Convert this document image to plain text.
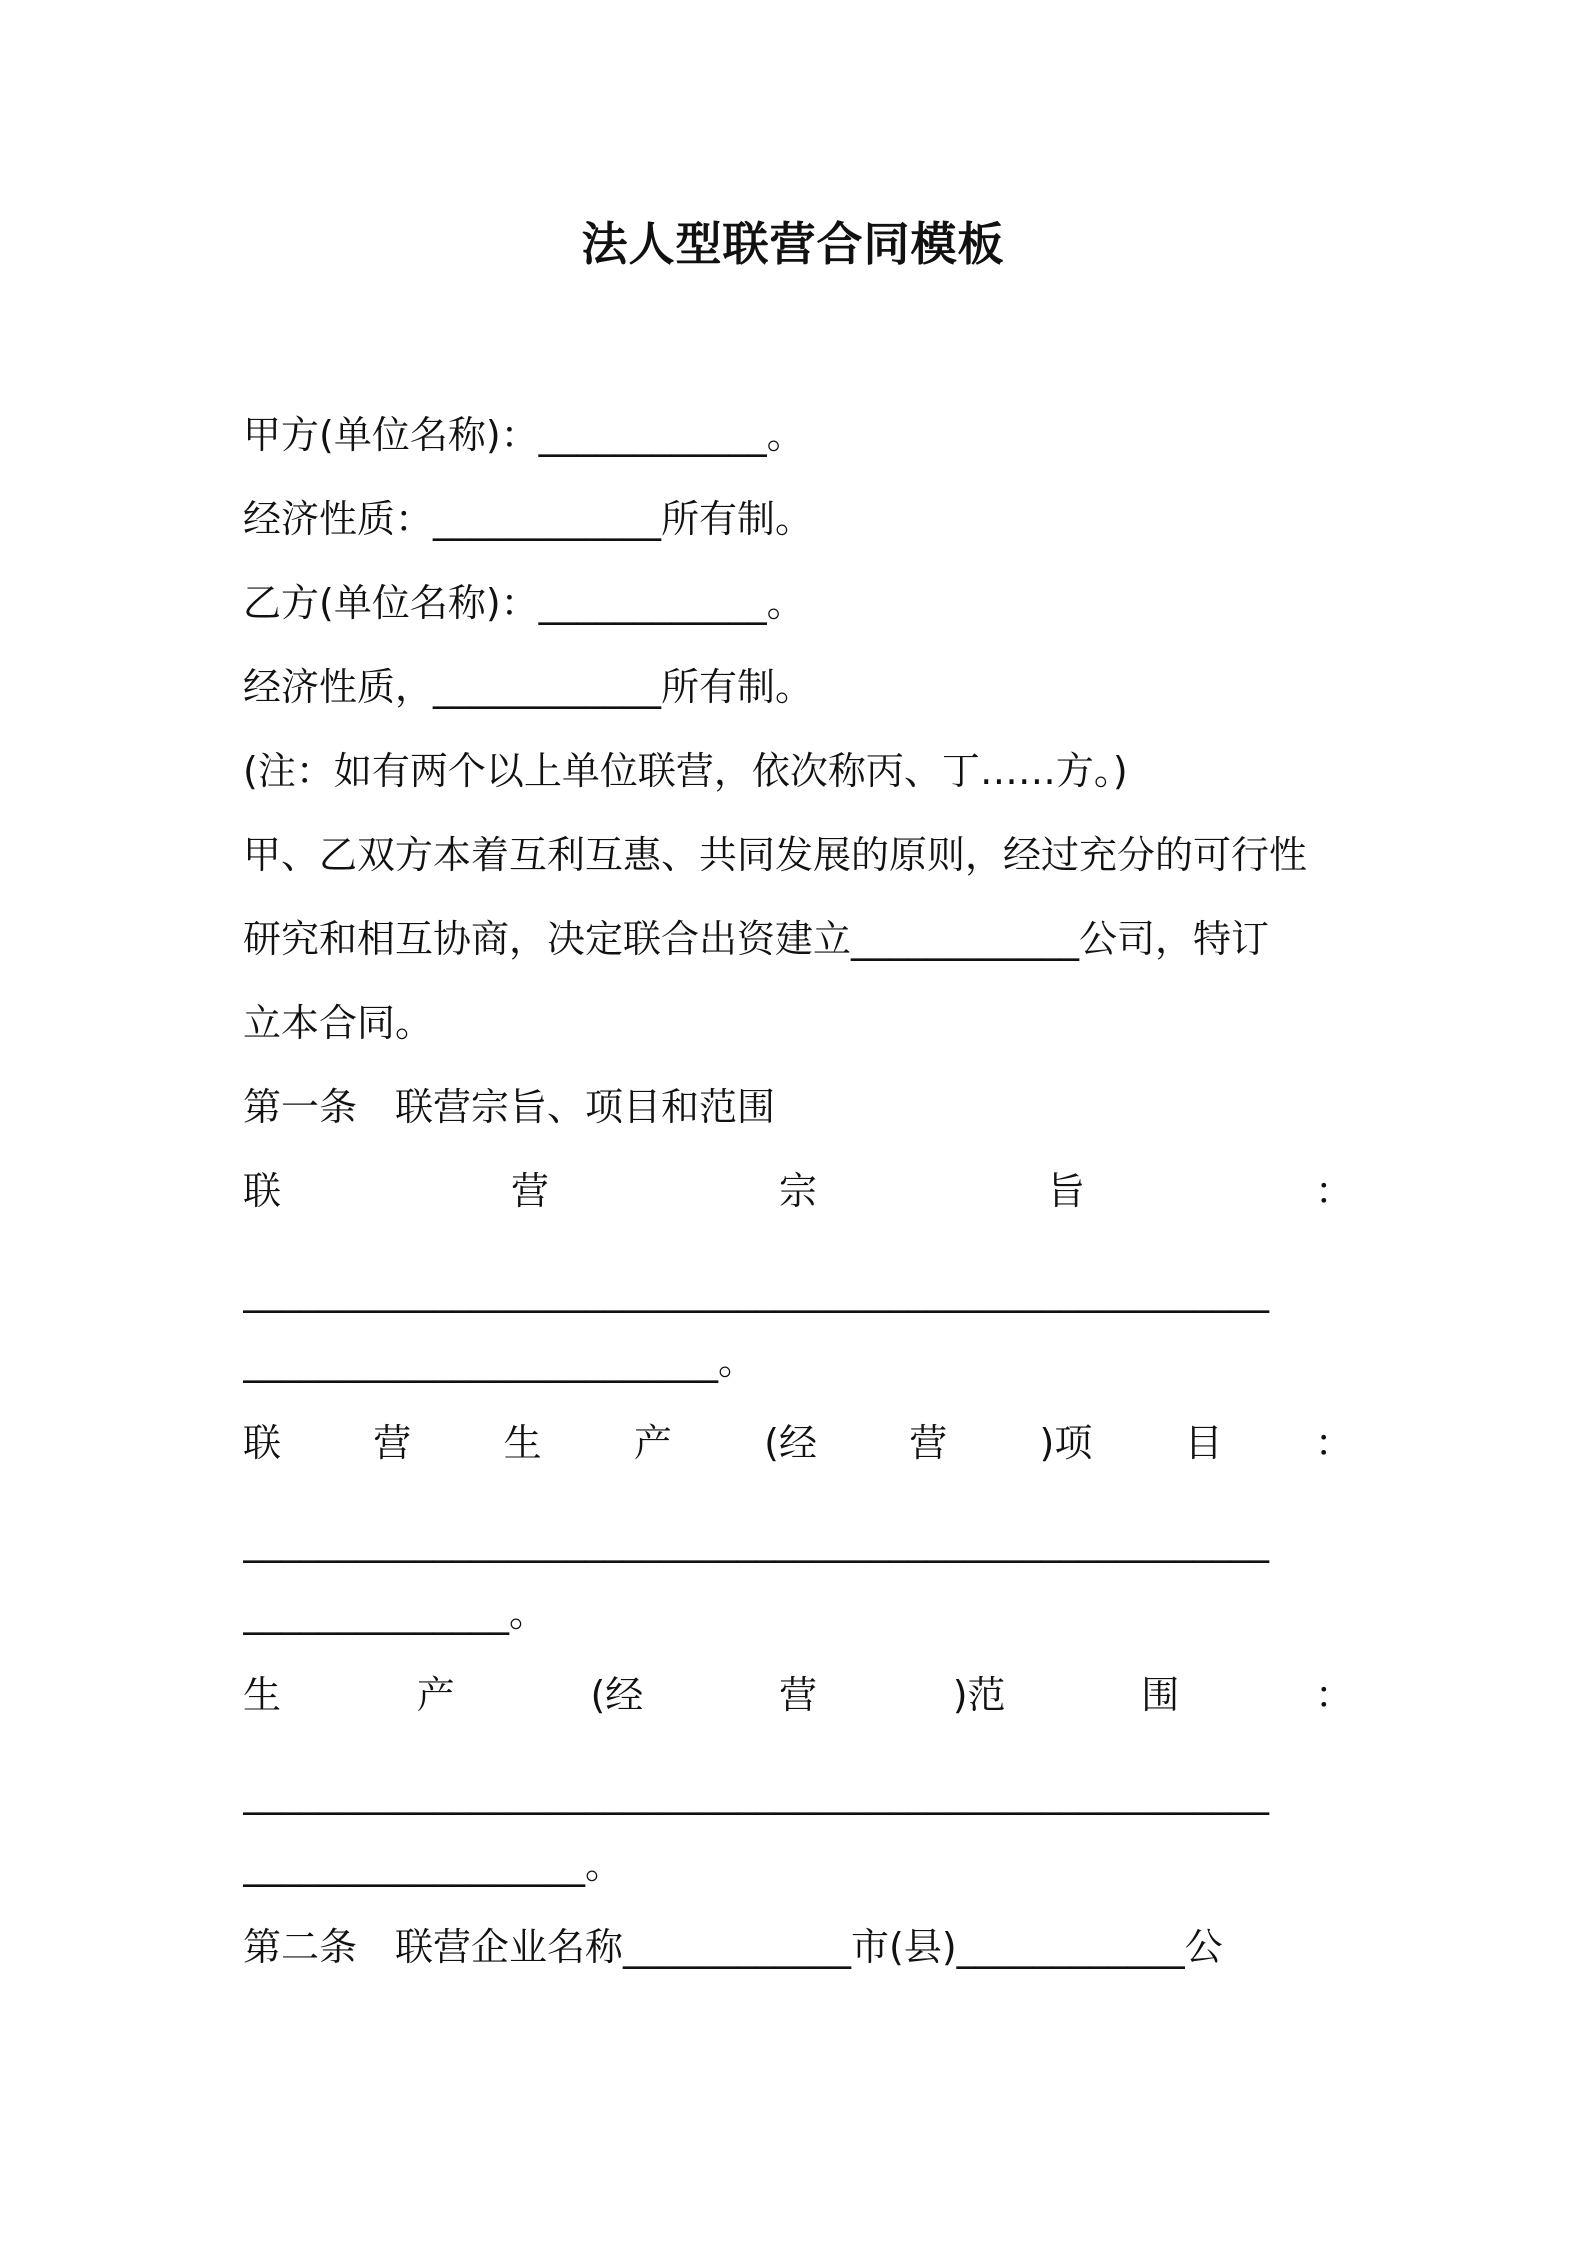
法人型联营合同模板
甲方(单位名称)：____________。
经济性质：____________所有制。
乙方(单位名称)：____________。
经济性质，____________所有制。
(注：如有两个以上单位联营，依次称丙、丁……方。)
甲、乙双方本着互利互惠、共同发展的原则，经过充分的可行性
研究和相互协商，决定联合出资建立____________公司，特订
立本合同。
第一条　联营宗旨、项目和范围
联	营	宗	旨	：
______________________________________________________
_________________________。
联 营 生 产 (经 营 )项 目 ：
______________________________________________________
______________。
生	产	(经	营	)范	围	：
______________________________________________________
__________________。
第二条　联营企业名称____________市(县)____________公
